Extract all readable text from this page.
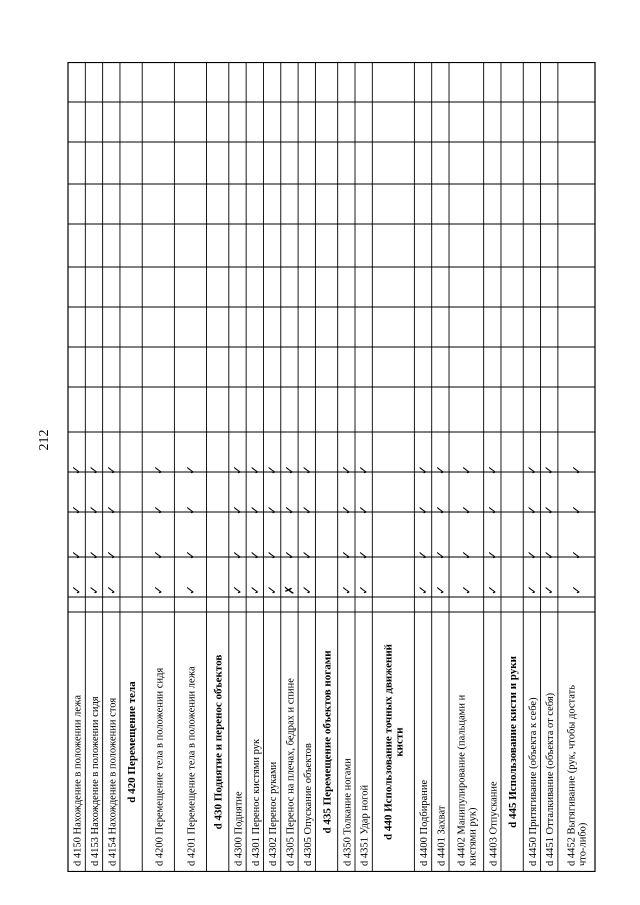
212
d 4150 Нахождение в положении лежа
✓
✓
✓
✓
d 4153 Нахождение в положении сидя
✓
✓
✓
✓
d 4154 Нахождение в положении стоя
✓
✓
✓
✓
d 420 Перемещение тела d 4200 Перемещение тела в положении сидя
✓
✓
✓
✓
d 4201 Перемещение тела в положении лежа
✓
✓
✓
✓
d 430 Поднятие и перенос объектов d 4300 Поднятие
✓
✓
✓
✓
d 4301 Перенос кистями рук
✓
✓
✓
✓
d 4302 Перенос руками
✓
✓
✓
✓
d 4305 Перенос на плечах, бедрах и спине
✗
✓
✓
✓
d 4305 Опускание объектов
✓
✓
✓
✓
d 435 Перемещение объектов ногами d 4350 Толкание ногами
✓
✓
✓
✓
d 4351 Удар ногой
✓
✓
✓
✓
d 440 Использование точных движенийкисти
d 4400 Подбирание
✓
✓
✓
✓
d 4401 Захват
✓
✓
✓
✓
d 4402 Манипулирование (пальцами икистями рук)
✓
✓
✓
✓
d 4403 Отпускание
✓
✓
✓
✓
d 445 Использование кисти и руки d 4450 Притягивание (объекта к себе)
✓
✓
✓
✓
d 4451 Отталкивание (объекта от себя)
✓
✓
✓
✓
d 4452 Вытягивание (рук, чтобы достатьчто-либо)
✓
✓
✓
✓
